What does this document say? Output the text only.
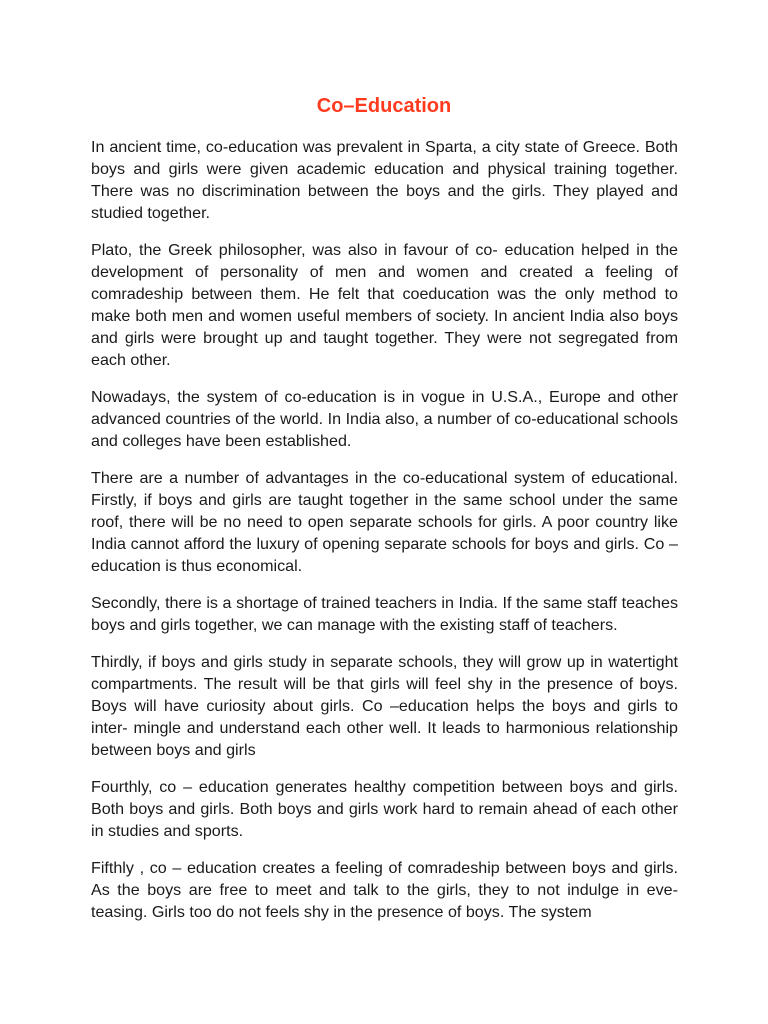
Co–Education

In ancient time, co-education was prevalent in Sparta, a city state of Greece. Both boys and girls were given academic education and physical training together. There was no discrimination between the boys and the girls. They played and studied together.

Plato, the Greek philosopher, was also in favour of co- education helped in the development of personality of men and women and created a feeling of comradeship between them. He felt that coeducation was the only method to make both men and women useful members of society. In ancient India also boys and girls were brought up and taught together. They were not segregated from each other.

Nowadays, the system of co-education is in vogue in U.S.A., Europe and other advanced countries of the world. In India also, a number of co-educational schools and colleges have been established.

There are a number of advantages in the co-educational system of educational. Firstly, if boys and girls are taught together in the same school under the same roof, there will be no need to open separate schools for girls. A poor country like India cannot afford the luxury of opening separate schools for boys and girls. Co – education is thus economical.

Secondly, there is a shortage of trained teachers in India. If the same staff teaches boys and girls together, we can manage with the existing staff of teachers.

Thirdly, if boys and girls study in separate schools, they will grow up in watertight compartments. The result will be that girls will feel shy in the presence of boys. Boys will have curiosity about girls. Co –education helps the boys and girls to inter- mingle and understand each other well. It leads to harmonious relationship between boys and girls

Fourthly, co – education generates healthy competition between boys and girls. Both boys and girls. Both boys and girls work hard to remain ahead of each other in studies and sports.

Fifthly , co – education creates a feeling of comradeship between boys and girls. As the boys are free to meet and talk to the girls, they to not indulge in eve-teasing. Girls too do not feels shy in the presence of boys. The system
